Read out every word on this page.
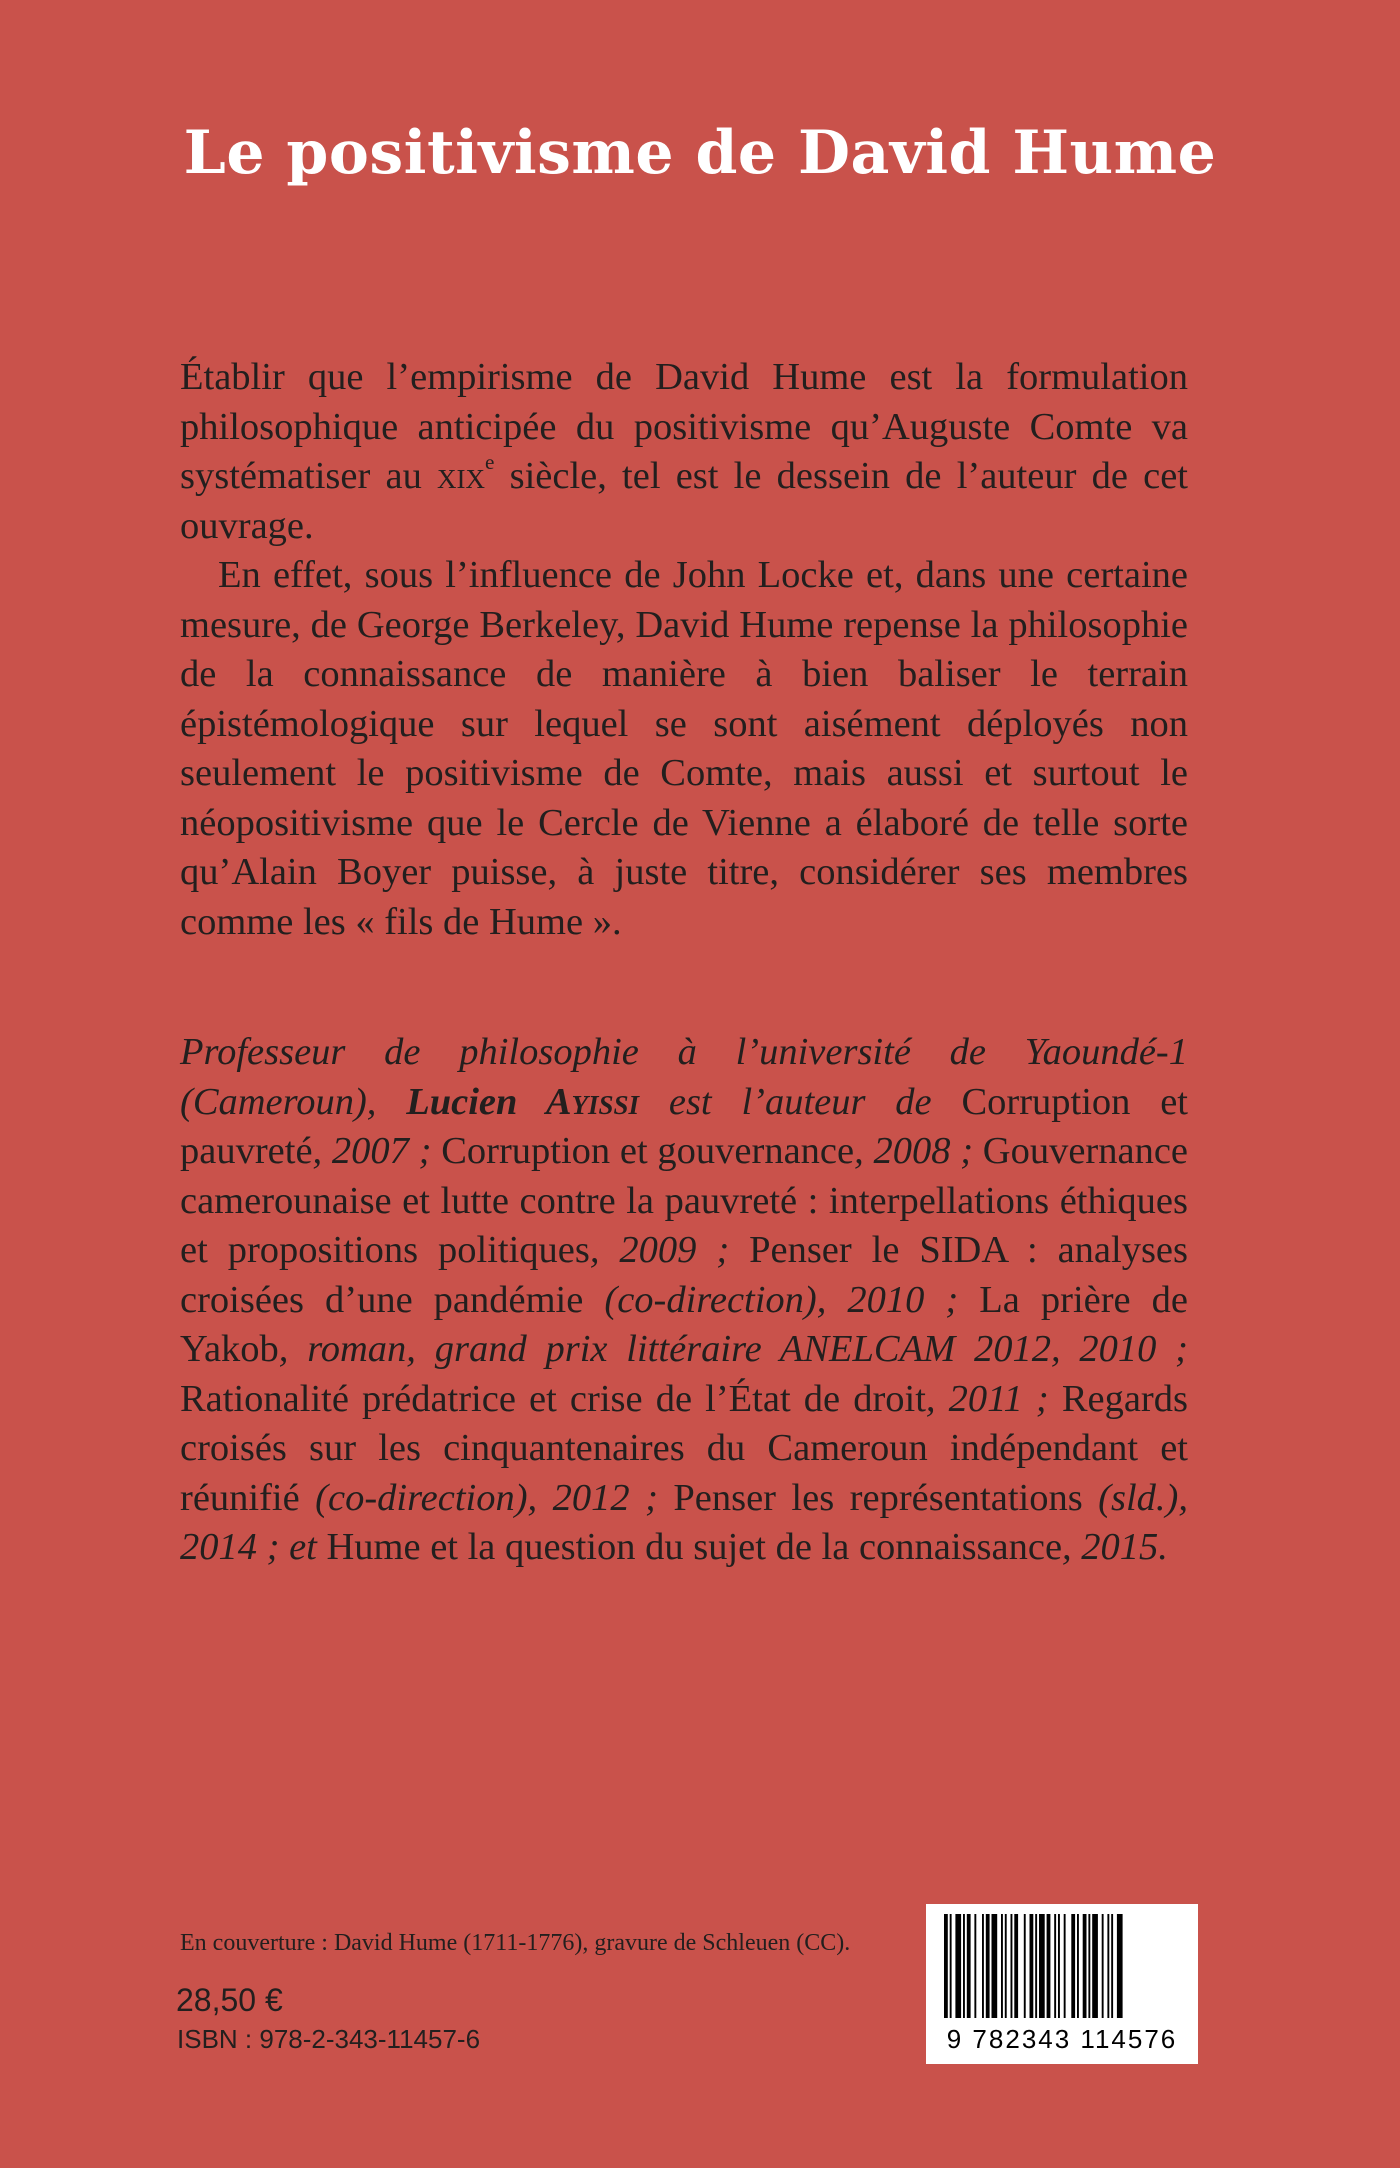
Le positivisme de David Hume

Établir que l’empirisme de David Hume est la formulation philosophique anticipée du positivisme qu’Auguste Comte va systématiser au xix$^e$ siècle, tel est le dessein de l’auteur de cet ouvrage.

En effet, sous l’influence de John Locke et, dans une certaine mesure, de George Berkeley, David Hume repense la philosophie de la connaissance de manière à bien baliser le terrain épistémologique sur lequel se sont aisément déployés non seulement le positivisme de Comte, mais aussi et surtout le néopositivisme que le Cercle de Vienne a élaboré de telle sorte qu’Alain Boyer puisse, à juste titre, considérer ses membres comme les « fils de Hume ».

Professeur de philosophie à l’université de Yaoundé-1 (Cameroun), Lucien Ayissi est l’auteur de Corruption et pauvreté, 2007 ; Corruption et gouvernance, 2008 ; Gouvernance camerounaise et lutte contre la pauvreté : interpellations éthiques et propositions politiques, 2009 ; Penser le SIDA : analyses croisées d’une pandémie (co-direction), 2010 ; La prière de Yakob, roman, grand prix littéraire ANELCAM 2012, 2010 ; Rationalité prédatrice et crise de l’État de droit, 2011 ; Regards croisés sur les cinquantenaires du Cameroun indépendant et réunifié (co-direction), 2012 ; Penser les représentations (sld.), 2014 ; et Hume et la question du sujet de la connaissance, 2015.

En couverture : David Hume (1711-1776), gravure de Schleuen (CC).
28,50 €
ISBN : 978-2-343-11457-6	9 782343 114576
